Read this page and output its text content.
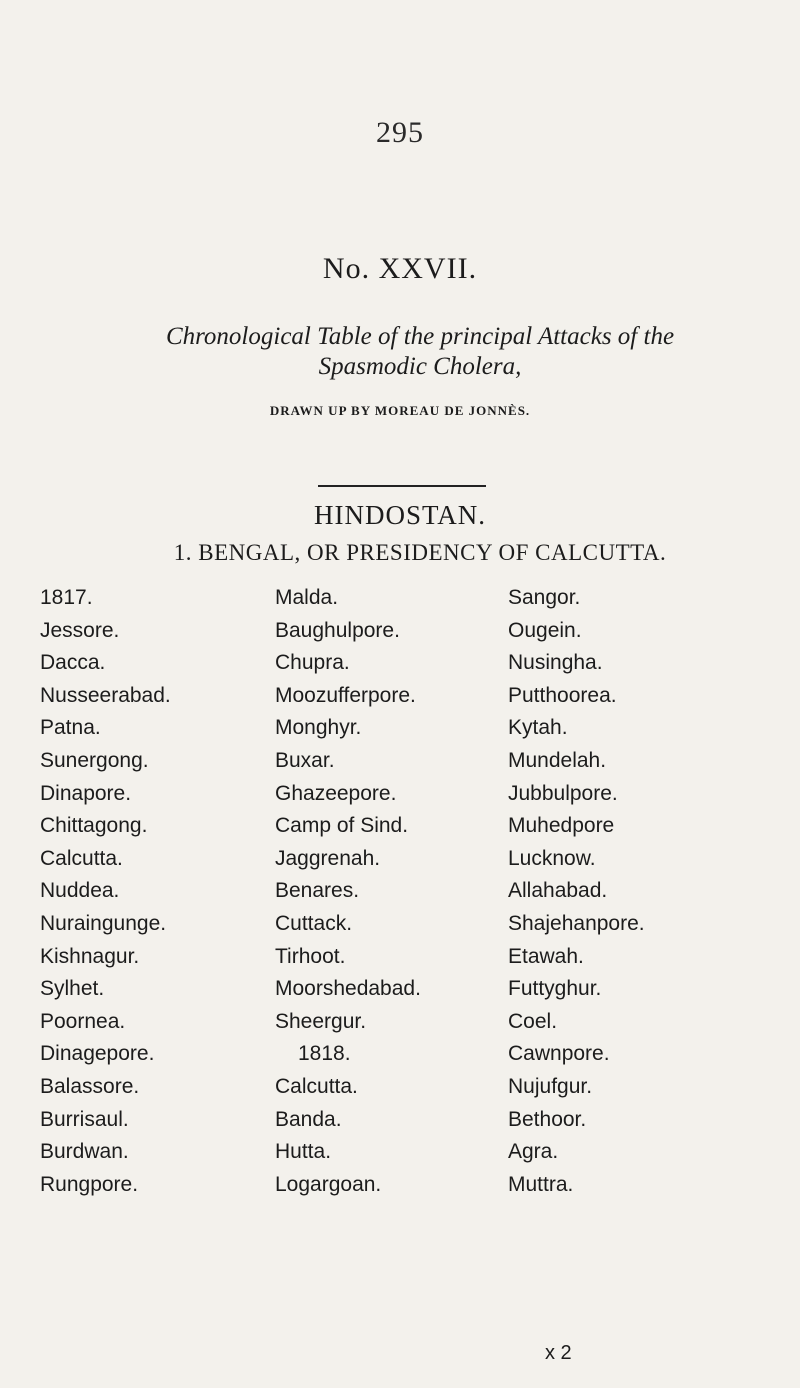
295
No. XXVII.
Chronological Table of the principal Attacks of the
Spasmodic Cholera,
DRAWN UP BY MOREAU DE JONNÈS.
HINDOSTAN.
1. BENGAL, OR PRESIDENCY OF CALCUTTA.
1817.
Jessore.
Dacca.
Nusseerabad.
Patna.
Sunergong.
Dinapore.
Chittagong.
Calcutta.
Nuddea.
Nuraingunge.
Kishnagur.
Sylhet.
Poornea.
Dinagepore.
Balassore.
Burrisaul.
Burdwan.
Rungpore.
Malda.
Baughulpore.
Chupra.
Moozufferpore.
Monghyr.
Buxar.
Ghazeepore.
Camp of Sind.
Jaggrenah.
Benares.
Cuttack.
Tirhoot.
Moorshedabad.
Sheergur.
1818.
Calcutta.
Banda.
Hutta.
Logargoan.
Sangor.
Ougein.
Nusingha.
Putthoorea.
Kytah.
Mundelah.
Jubbulpore.
Muhedpore
Lucknow.
Allahabad.
Shajehanpore.
Etawah.
Futtyghur.
Coel.
Cawnpore.
Nujufgur.
Bethoor.
Agra.
Muttra.
x 2
